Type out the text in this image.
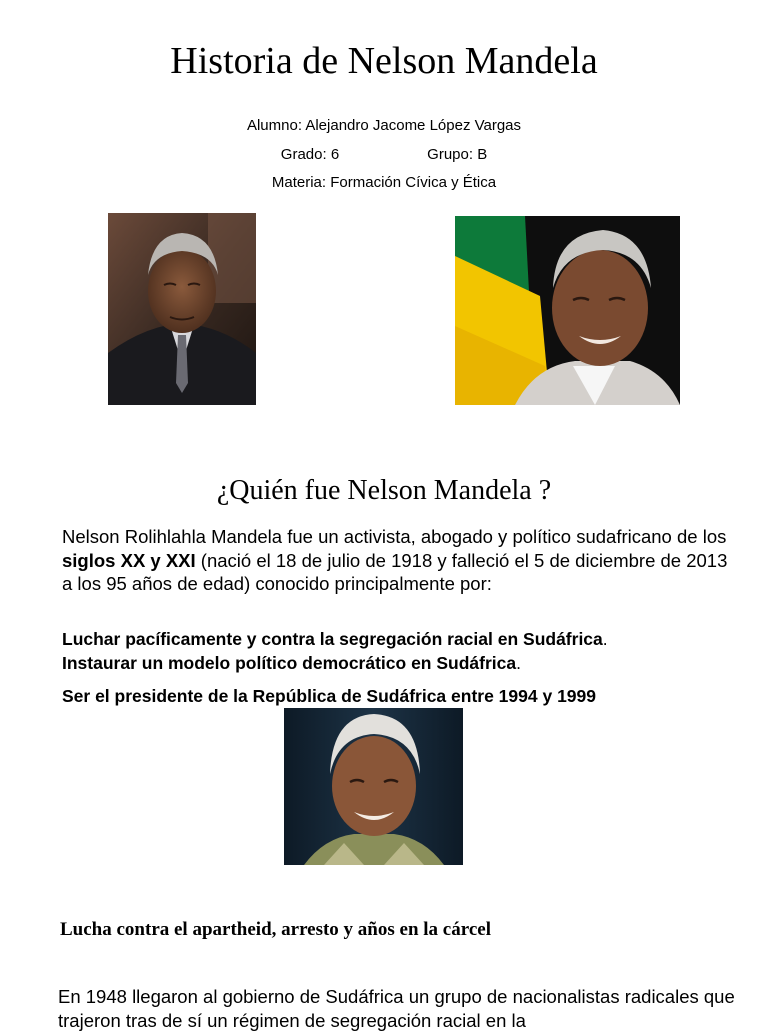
Historia de Nelson Mandela
Alumno: Alejandro Jacome López Vargas
Grado: 6	Grupo: B
Materia: Formación Cívica y Ética
¿Quién fue Nelson Mandela ?
Nelson Rolihlahla Mandela fue un activista, abogado y político sudafricano de los siglos XX y XXI (nació el 18 de julio de 1918 y falleció el 5 de diciembre de 2013 a los 95 años de edad) conocido principalmente por:
Luchar pacíficamente y contra la segregación racial en Sudáfrica.
Instaurar un modelo político democrático en Sudáfrica.
Ser el presidente de la República de Sudáfrica entre 1994 y 1999
Lucha contra el apartheid, arresto y años en la cárcel
En 1948 llegaron al gobierno de Sudáfrica un grupo de nacionalistas radicales que trajeron tras de sí un régimen de segregación racial en la
